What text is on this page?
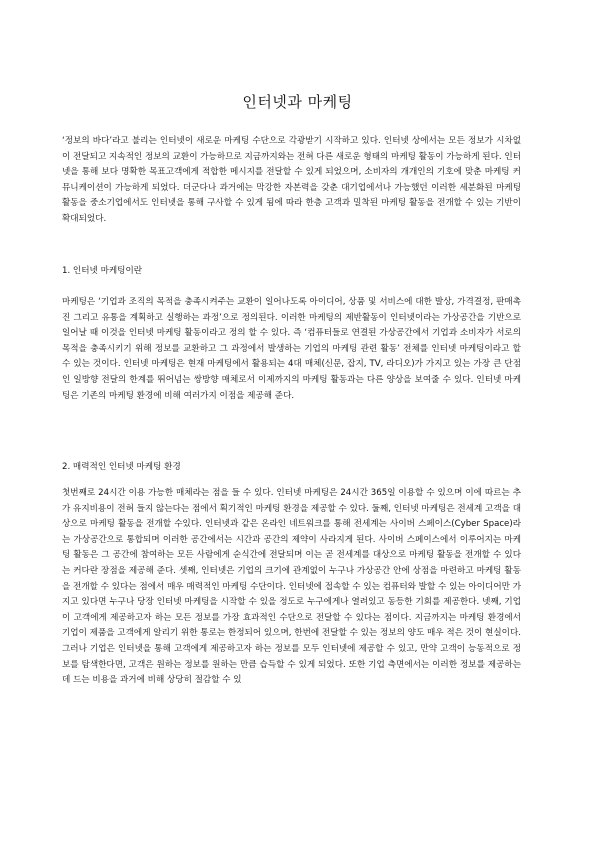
인터넷과 마케팅
‘정보의 바다’라고 불리는 인터넷이 새로운 마케팅 수단으로 각광받기 시작하고 있다. 인터넷 상에서는 모든 정보가 시차없이 전달되고 지속적인 정보의 교환이 가능하므로 지금까지와는 전혀 다른 새로운 형태의 마케팅 활동이 가능하게 된다. 인터넷을 통해 보다 명확한 목표고객에게 적합한 메시지를 전달할 수 있게 되었으며, 소비자의 개개인의 기호에 맞춘 마케팅 커뮤니케이션이 가능하게 되었다. 더군다나 과거에는 막강한 자본력을 갖춘 대기업에서나 가능했던 이러한 세분화된 마케팅 활동을 중소기업에서도 인터넷을 통해 구사할 수 있게 됨에 따라 한층 고객과 밀착된 마케팅 활동을 전개할 수 있는 기반이 확대되었다.
1. 인터넷 마케팅이란
마케팅은 ‘기업과 조직의 목적을 충족시켜주는 교환이 일어나도록 아이디어, 상품 및 서비스에 대한 발상, 가격결정, 판매촉진 그리고 유통을 계획하고 실행하는 과정’으로 정의된다. 이러한 마케팅의 제반활동이 인터넷이라는 가상공간을 기반으로 일어날 때 이것을 인터넷 마케팅 활동이라고 정의 할 수 있다. 즉 ‘컴퓨터들로 연결된 가상공간에서 기업과 소비자가 서로의 목적을 충족시키기 위해 정보를 교환하고 그 과정에서 발생하는 기업의 마케팅 관련 활동’ 전체를 인터넷 마케팅이라고 할 수 있는 것이다. 인터넷 마케팅은 현재 마케팅에서 활용되는 4대 매체(신문, 잡지, TV, 라디오)가 가지고 있는 가장 큰 단점인 일방향 전달의 한계를 뛰어넘는 쌍방향 매체로서 이제까지의 마케팅 활동과는 다른 양상을 보여줄 수 있다. 인터넷 마케팅은 기존의 마케팅 환경에 비해 여러가지 이점을 제공해 준다.
2. 매력적인 인터넷 마케팅 환경
첫번째로 24시간 이용 가능한 매체라는 점을 들 수 있다. 인터넷 마케팅은 24시간 365일 이용할 수 있으며 이에 따르는 추가 유지비용이 전혀 들지 않는다는 점에서 획기적인 마케팅 환경을 제공할 수 있다. 둘째, 인터넷 마케팅은 전세계 고객을 대상으로 마케팅 활동을 전개할 수있다. 인터넷과 같은 온라인 네트워크를 통해 전세계는 사이버 스페이스(Cyber Space)라는 가상공간으로 통합되며 이러한 공간에서는 시간과 공간의 제약이 사라지게 된다. 사이버 스페이스에서 이루어지는 마케팅 활동은 그 공간에 참여하는 모든 사람에게 순식간에 전달되며 이는 곧 전세계를 대상으로 마케팅 활동을 전개할 수 있다는 커다란 장점을 제공해 준다. 셋째, 인터넷은 기업의 크기에 관계없이 누구나 가상공간 안에 상점을 마련하고 마케팅 활동을 전개할 수 있다는 점에서 매우 매력적인 마케팅 수단이다. 인터넷에 접속할 수 있는 컴퓨터와 발할 수 있는 아이디어만 가지고 있다면 누구나 당장 인터넷 마케팅을 시작할 수 있을 정도로 누구에게나 열려있고 동등한 기회를 제공한다. 넷째, 기업이 고객에게 제공하고자 하는 모든 정보를 가장 효과적인 수단으로 전달할 수 있다는 점이다. 지금까지는 마케팅 환경에서 기업이 제품을 고객에게 알리기 위한 통로는 한정되어 있으며, 한번에 전달할 수 있는 정보의 양도 매우 적은 것이 현실이다. 그러나 기업은 인터넷을 통해 고객에게 제공하고자 하는 정보를 모두 인터넷에 제공할 수 있고, 만약 고객이 능동적으로 정보를 탐색한다면, 고객은 원하는 정보를 원하는 만큼 습득할 수 있게 되었다. 또한 기업 측면에서는 이러한 정보를 제공하는데 드는 비용을 과거에 비해 상당히 절감할 수 있
